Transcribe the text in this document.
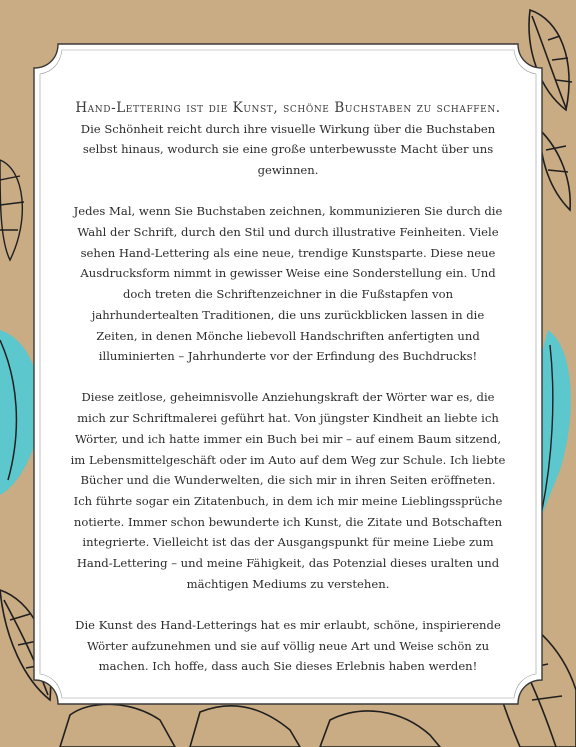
Hand-Lettering ist die Kunst, schöne Buchstaben zu schaffen. Die Schönheit reicht durch ihre visuelle Wirkung über die Buchstaben selbst hinaus, wodurch sie eine große unterbewusste Macht über uns gewinnen.

Jedes Mal, wenn Sie Buchstaben zeichnen, kommunizieren Sie durch die Wahl der Schrift, durch den Stil und durch illustrative Feinheiten. Viele sehen Hand-Lettering als eine neue, trendige Kunstsparte. Diese neue Ausdrucksform nimmt in gewisser Weise eine Sonderstellung ein. Und doch treten die Schriftenzeichner in die Fußstapfen von jahrhundertealten Traditionen, die uns zurückblicken lassen in die Zeiten, in denen Mönche liebevoll Handschriften anfertigten und illuminierten – Jahrhunderte vor der Erfindung des Buchdrucks!

Diese zeitlose, geheimnisvolle Anziehungskraft der Wörter war es, die mich zur Schriftmalerei geführt hat. Von jüngster Kindheit an liebte ich Wörter, und ich hatte immer ein Buch bei mir – auf einem Baum sitzend, im Lebensmittelgeschäft oder im Auto auf dem Weg zur Schule. Ich liebte Bücher und die Wunderwelten, die sich mir in ihren Seiten eröffneten. Ich führte sogar ein Zitatenbuch, in dem ich mir meine Lieblingssprüche notierte. Immer schon bewunderte ich Kunst, die Zitate und Botschaften integrierte. Vielleicht ist das der Ausgangspunkt für meine Liebe zum Hand-Lettering – und meine Fähigkeit, das Potenzial dieses uralten und mächtigen Mediums zu verstehen.

Die Kunst des Hand-Letterings hat es mir erlaubt, schöne, inspirierende Wörter aufzunehmen und sie auf völlig neue Art und Weise schön zu machen. Ich hoffe, dass auch Sie dieses Erlebnis haben werden!
